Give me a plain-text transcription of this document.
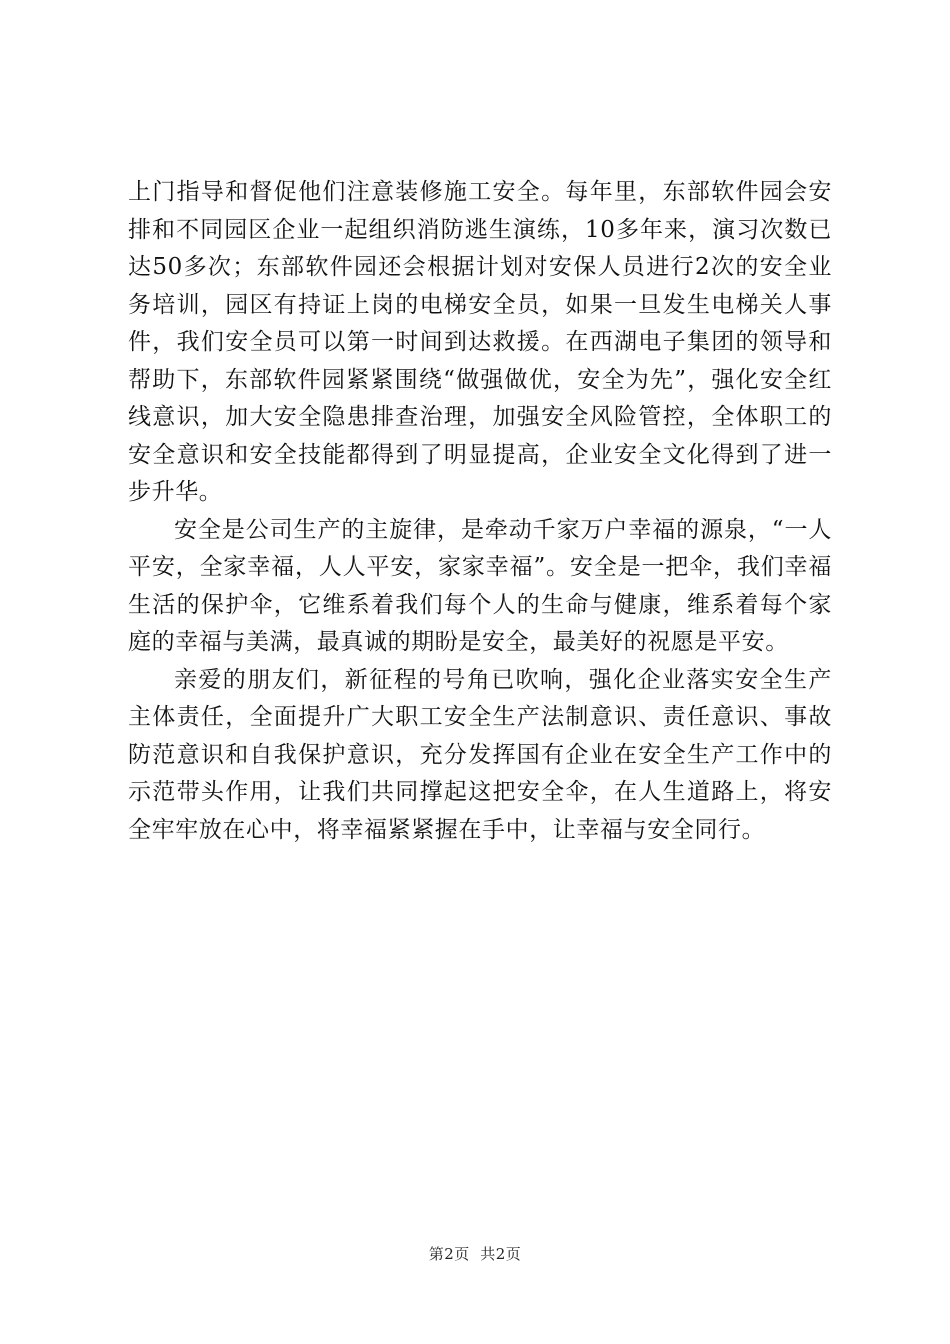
上门指导和督促他们注意装修施工安全。每年里，东部软件园会安排和不同园区企业一起组织消防逃生演练，10多年来，演习次数已达50多次；东部软件园还会根据计划对安保人员进行2次的安全业务培训，园区有持证上岗的电梯安全员，如果一旦发生电梯关人事件，我们安全员可以第一时间到达救援。在西湖电子集团的领导和帮助下，东部软件园紧紧围绕“做强做优，安全为先”，强化安全红线意识，加大安全隐患排查治理，加强安全风险管控，全体职工的安全意识和安全技能都得到了明显提高，企业安全文化得到了进一步升华。

安全是公司生产的主旋律，是牵动千家万户幸福的源泉，“一人平安，全家幸福，人人平安，家家幸福”。安全是一把伞，我们幸福生活的保护伞，它维系着我们每个人的生命与健康，维系着每个家庭的幸福与美满，最真诚的期盼是安全，最美好的祝愿是平安。

亲爱的朋友们，新征程的号角已吹响，强化企业落实安全生产主体责任，全面提升广大职工安全生产法制意识、责任意识、事故防范意识和自我保护意识，充分发挥国有企业在安全生产工作中的示范带头作用，让我们共同撑起这把安全伞，在人生道路上，将安全牢牢放在心中，将幸福紧紧握在手中，让幸福与安全同行。

第2页  共2页
